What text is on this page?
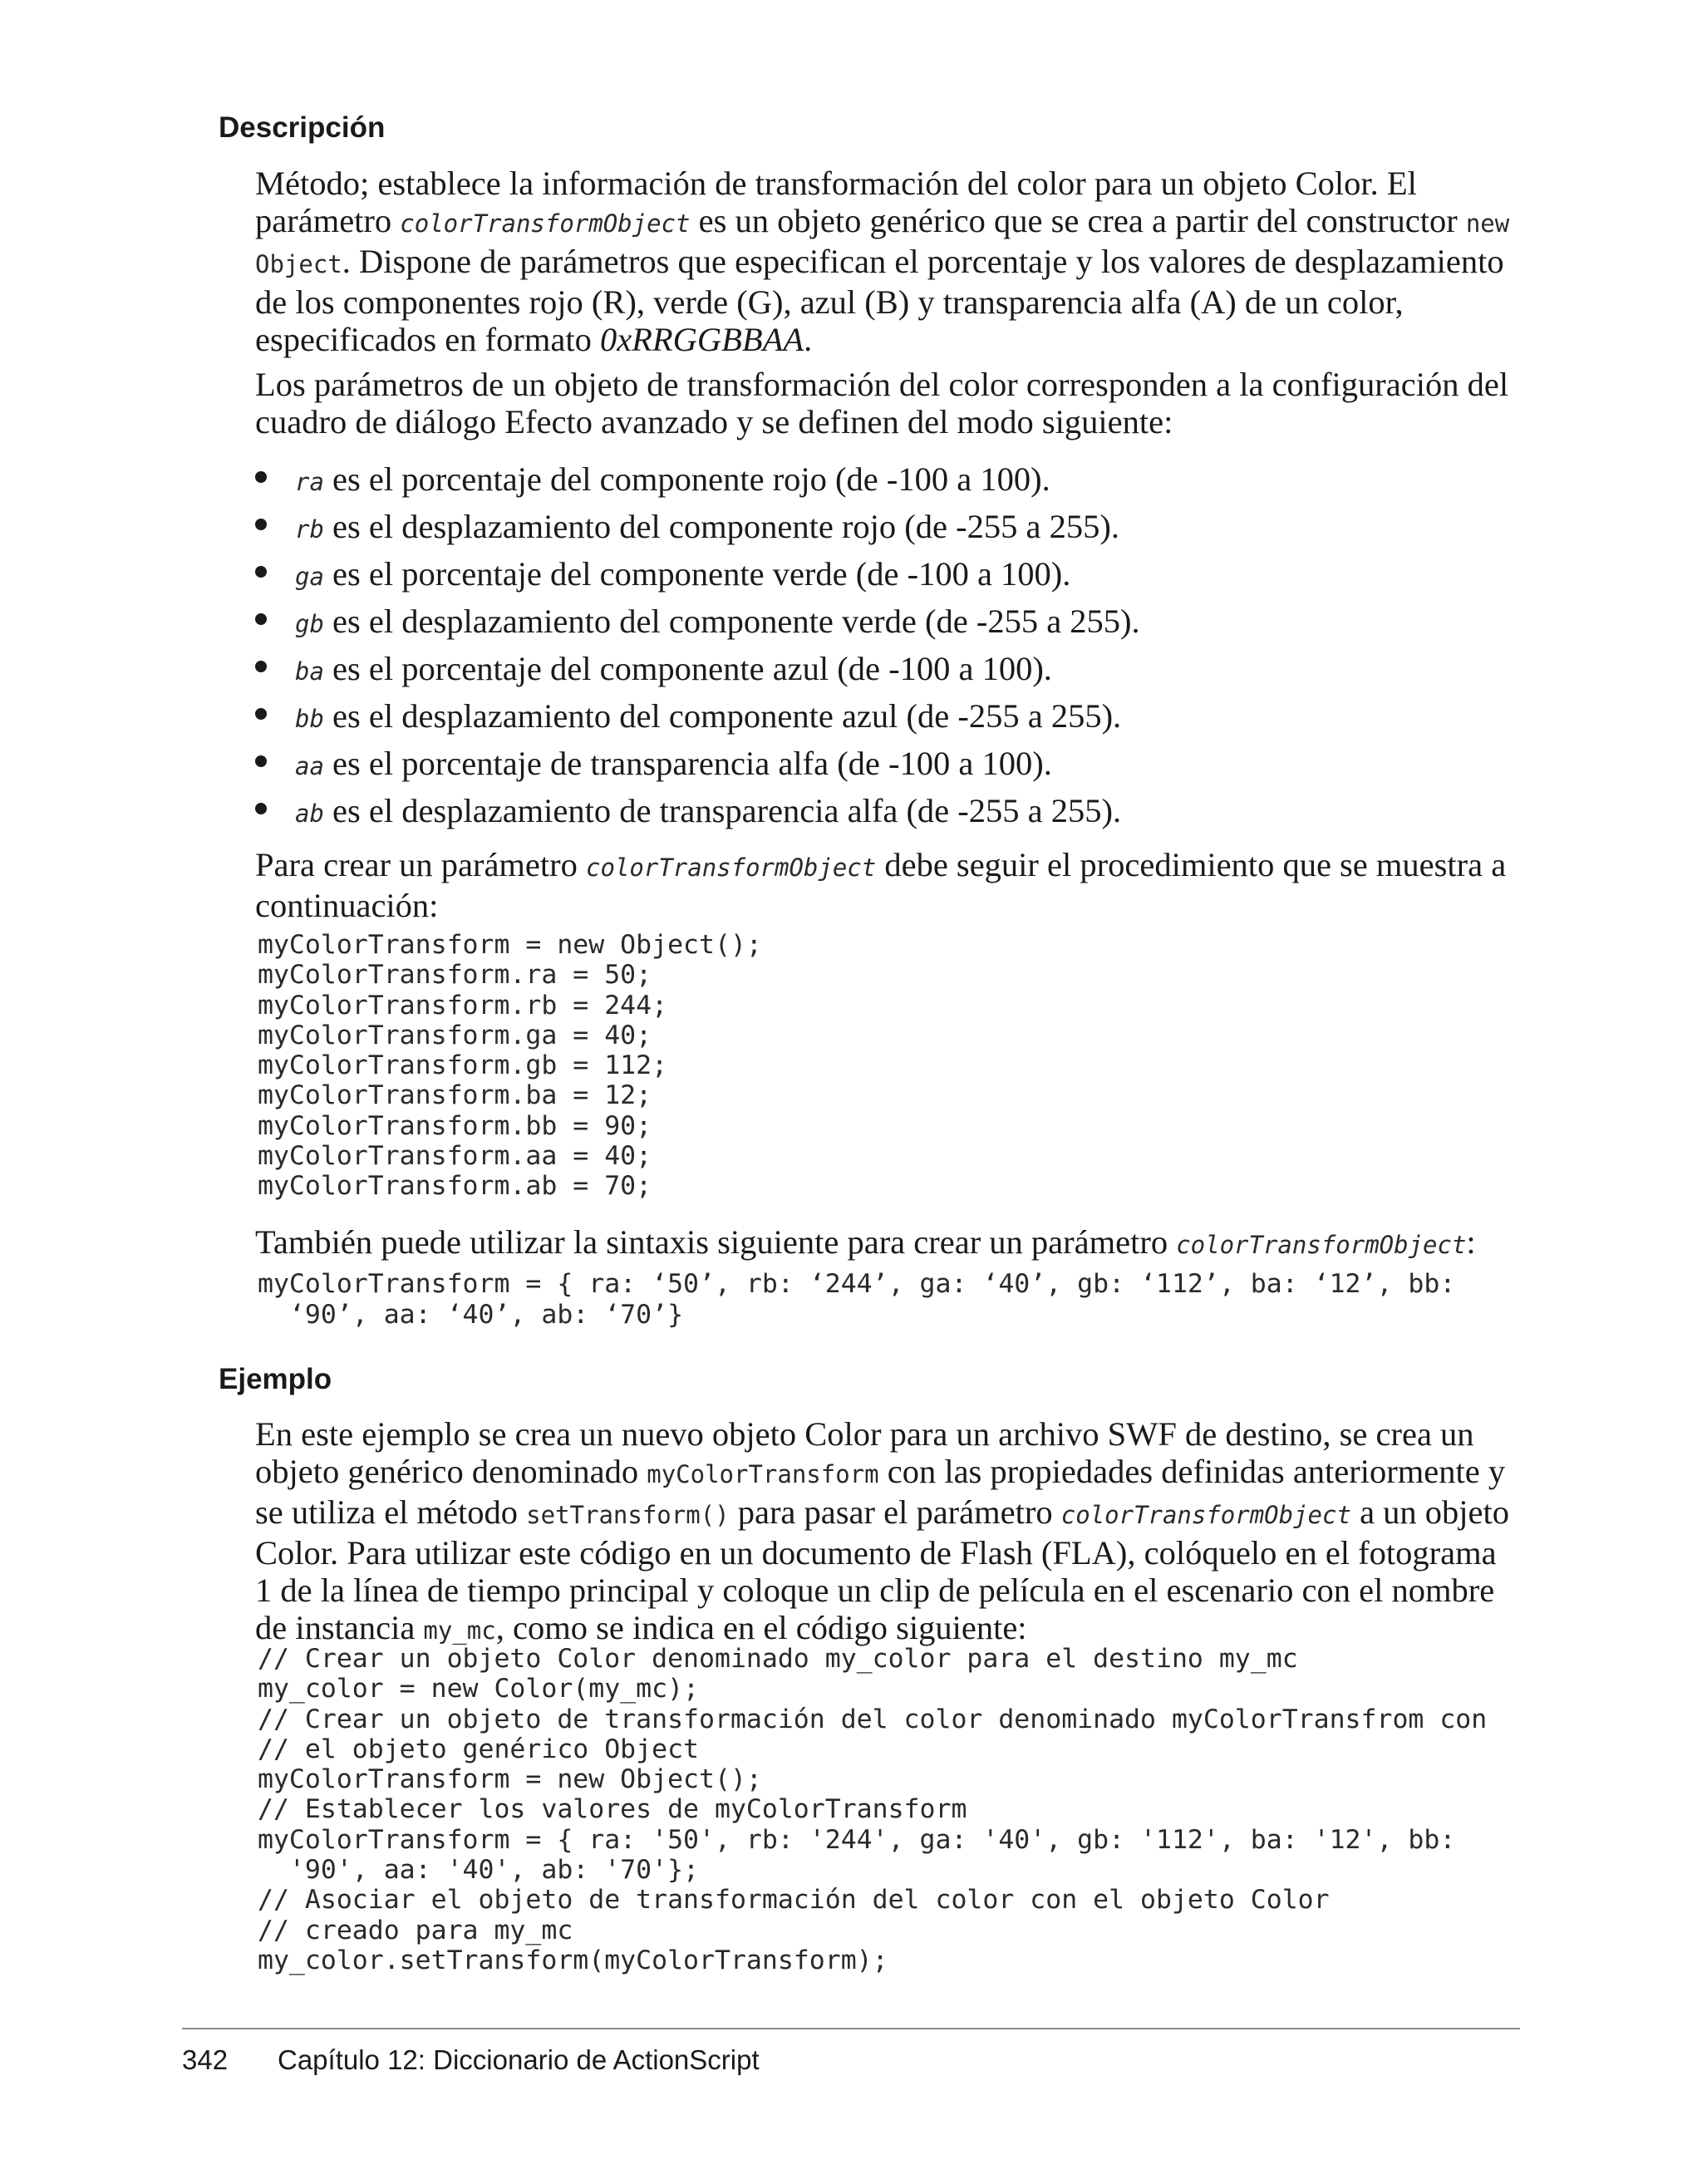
Descripción

Método; establece la información de transformación del color para un objeto Color. El parámetro colorTransformObject es un objeto genérico que se crea a partir del constructor new Object. Dispone de parámetros que especifican el porcentaje y los valores de desplazamiento de los componentes rojo (R), verde (G), azul (B) y transparencia alfa (A) de un color, especificados en formato 0xRRGGBBAA.

Los parámetros de un objeto de transformación del color corresponden a la configuración del cuadro de diálogo Efecto avanzado y se definen del modo siguiente:

ra es el porcentaje del componente rojo (de -100 a 100).
rb es el desplazamiento del componente rojo (de -255 a 255).
ga es el porcentaje del componente verde (de -100 a 100).
gb es el desplazamiento del componente verde (de -255 a 255).
ba es el porcentaje del componente azul (de -100 a 100).
bb es el desplazamiento del componente azul (de -255 a 255).
aa es el porcentaje de transparencia alfa (de -100 a 100).
ab es el desplazamiento de transparencia alfa (de -255 a 255).

Para crear un parámetro colorTransformObject debe seguir el procedimiento que se muestra a continuación:

myColorTransform = new Object();
myColorTransform.ra = 50;
myColorTransform.rb = 244;
myColorTransform.ga = 40;
myColorTransform.gb = 112;
myColorTransform.ba = 12;
myColorTransform.bb = 90;
myColorTransform.aa = 40;
myColorTransform.ab = 70;

También puede utilizar la sintaxis siguiente para crear un parámetro colorTransformObject:

myColorTransform = { ra: ‘50’, rb: ‘244’, ga: ‘40’, gb: ‘112’, ba: ‘12’, bb:
‘90’, aa: ‘40’, ab: ‘70’}
Ejemplo

En este ejemplo se crea un nuevo objeto Color para un archivo SWF de destino, se crea un objeto genérico denominado myColorTransform con las propiedades definidas anteriormente y se utiliza el método setTransform() para pasar el parámetro colorTransformObject a un objeto Color. Para utilizar este código en un documento de Flash (FLA), colóquelo en el fotograma 1 de la línea de tiempo principal y coloque un clip de película en el escenario con el nombre de instancia my_mc, como se indica en el código siguiente:

// Crear un objeto Color denominado my_color para el destino my_mc
my_color = new Color(my_mc);
// Crear un objeto de transformación del color denominado myColorTransfrom con
// el objeto genérico Object
myColorTransform = new Object();
// Establecer los valores de myColorTransform
myColorTransform = { ra: '50', rb: '244', ga: '40', gb: '112', ba: '12', bb:
'90', aa: '40', ab: '70'};
// Asociar el objeto de transformación del color con el objeto Color
// creado para my_mc
my_color.setTransform(myColorTransform);
342 Capítulo 12: Diccionario de ActionScript
